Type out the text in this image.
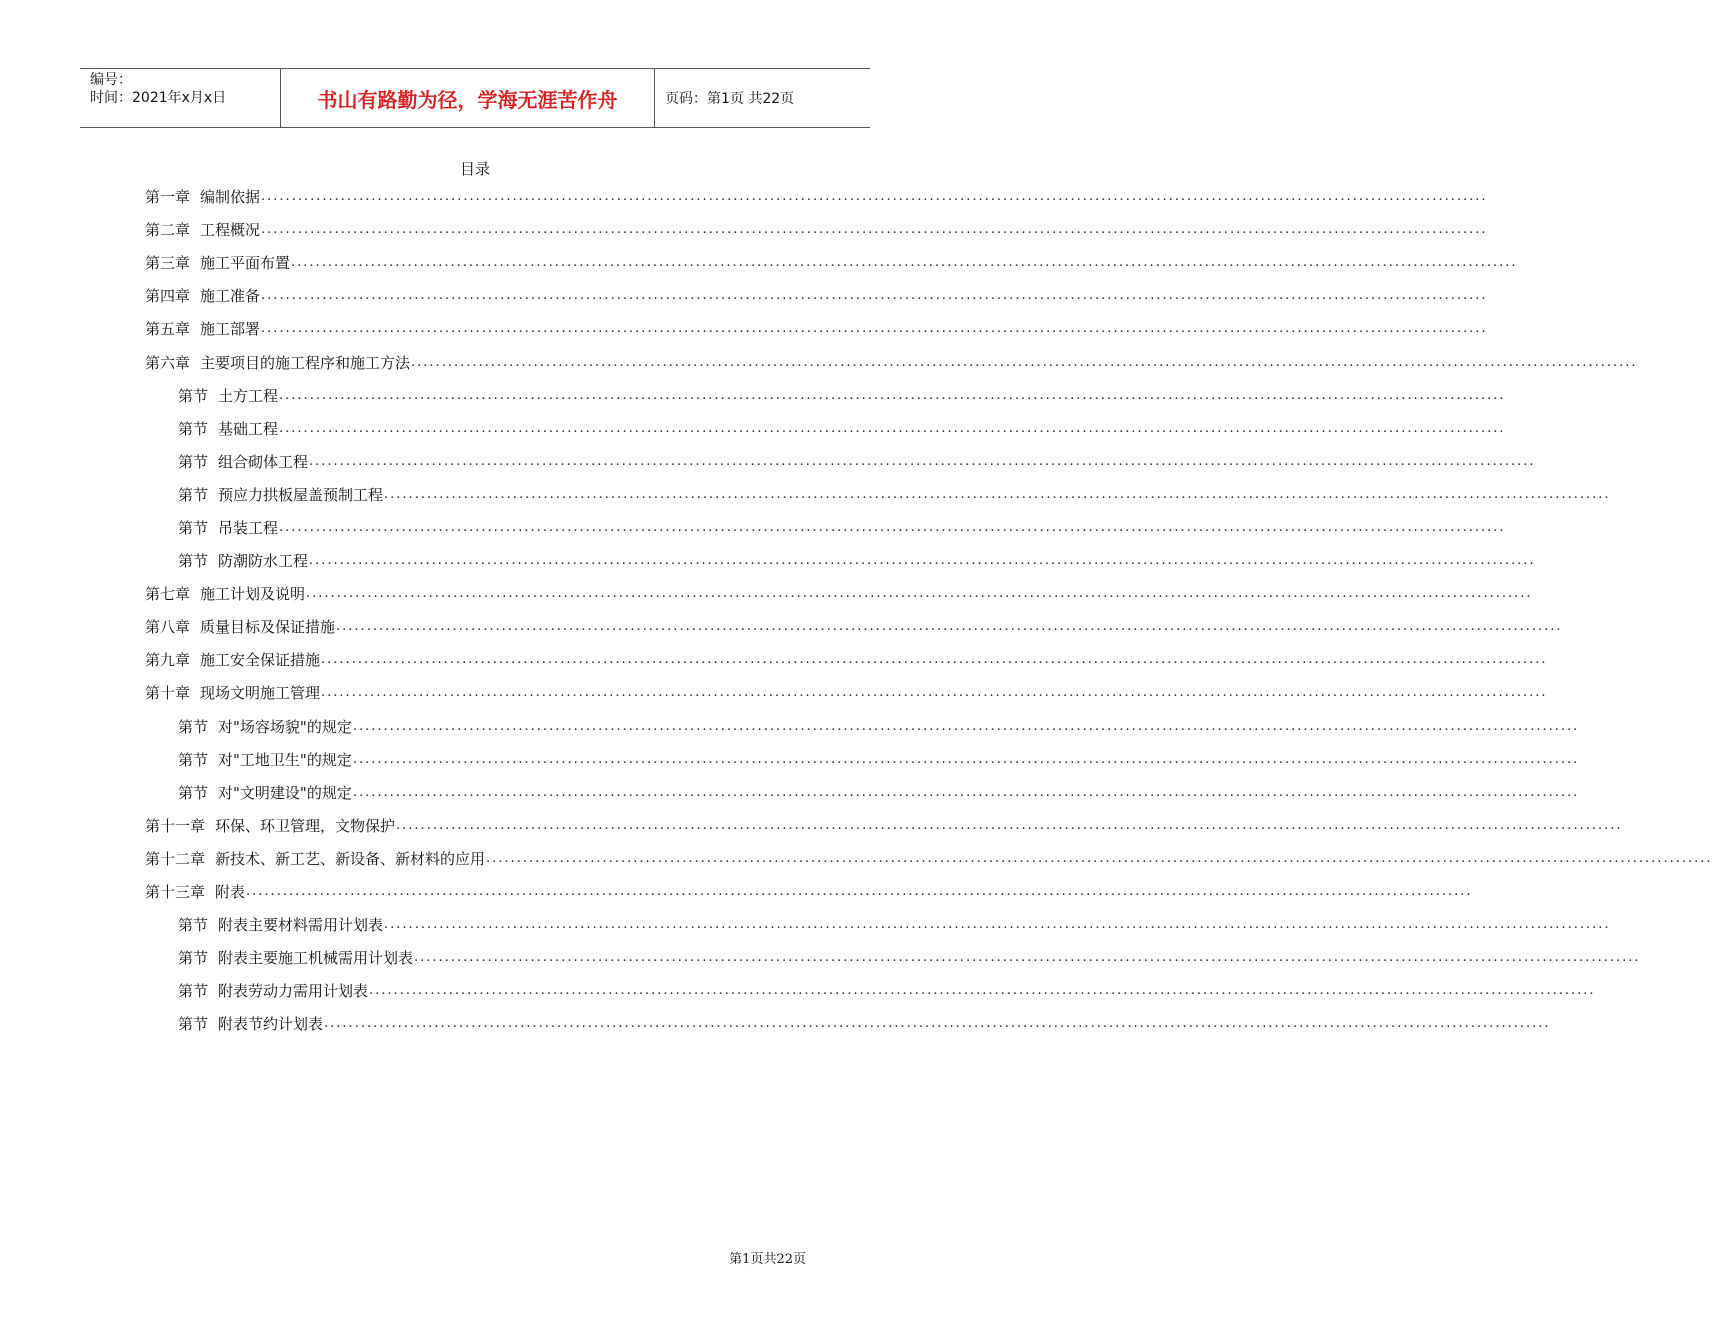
编号：
时间：2021年x月x日	书山有路勤为径，学海无涯苦作舟	页码：第1页 共22页
目录
第一章 编制依据 ........................................................................................................................................................................................................
第二章 工程概况 ........................................................................................................................................................................................................
第三章 施工平面布置 ........................................................................................................................................................................................................
第四章 施工准备 ........................................................................................................................................................................................................
第五章 施工部署 ........................................................................................................................................................................................................
第六章 主要项目的施工程序和施工方法 ........................................................................................................................................................................................................
第节 土方工程 ........................................................................................................................................................................................................
第节 基础工程 ........................................................................................................................................................................................................
第节 组合砌体工程 ........................................................................................................................................................................................................
第节 预应力拱板屋盖预制工程 ........................................................................................................................................................................................................
第节 吊装工程 ........................................................................................................................................................................................................
第节 防潮防水工程 ........................................................................................................................................................................................................
第七章 施工计划及说明 ........................................................................................................................................................................................................
第八章 质量目标及保证措施 ........................................................................................................................................................................................................
第九章 施工安全保证措施 ........................................................................................................................................................................................................
第十章 现场文明施工管理 ........................................................................................................................................................................................................
第节 对"场容场貌"的规定 ........................................................................................................................................................................................................
第节 对"工地卫生"的规定 ........................................................................................................................................................................................................
第节 对"文明建设"的规定 ........................................................................................................................................................................................................
第十一章 环保、环卫管理，文物保护 ........................................................................................................................................................................................................
第十二章 新技术、新工艺、新设备、新材料的应用 ........................................................................................................................................................................................................
第十三章 附表 ........................................................................................................................................................................................................
第节 附表主要材料需用计划表 ........................................................................................................................................................................................................
第节 附表主要施工机械需用计划表 ........................................................................................................................................................................................................
第节 附表劳动力需用计划表 ........................................................................................................................................................................................................
第节 附表节约计划表 ........................................................................................................................................................................................................
第1页共22页
